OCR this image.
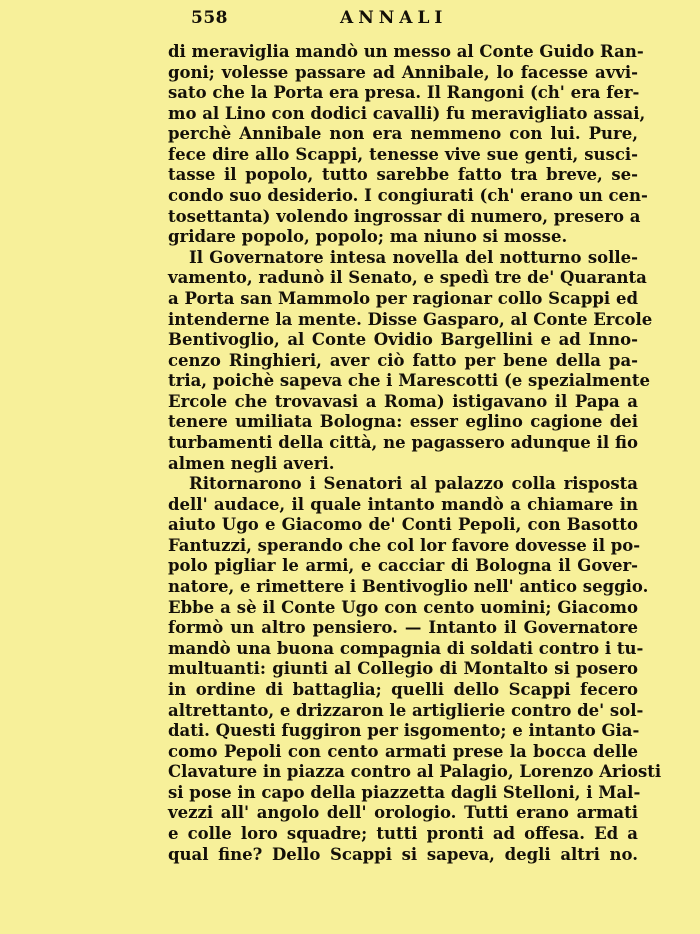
558	ANNALI
di meraviglia mandò un messo al Conte Guido Ran-
goni; volesse passare ad Annibale, lo facesse avvi-
sato che la Porta era presa. Il Rangoni (ch' era fer-
mo al Lino con dodici cavalli) fu meravigliato assai,
perchè Annibale non era nemmeno con lui. Pure,
fece dire allo Scappi, tenesse vive sue genti, susci-
tasse il popolo, tutto sarebbe fatto tra breve, se-
condo suo desiderio. I congiurati (ch' erano un cen-
tosettanta) volendo ingrossar di numero, presero a
gridare popolo, popolo; ma niuno si mosse.
Il Governatore intesa novella del notturno solle-
vamento, radunò il Senato, e spedì tre de' Quaranta
a Porta san Mammolo per ragionar collo Scappi ed
intenderne la mente. Disse Gasparo, al Conte Ercole
Bentivoglio, al Conte Ovidio Bargellini e ad Inno-
cenzo Ringhieri, aver ciò fatto per bene della pa-
tria, poichè sapeva che i Marescotti (e spezialmente
Ercole che trovavasi a Roma) istigavano il Papa a
tenere umiliata Bologna: esser eglino cagione dei
turbamenti della città, ne pagassero adunque il fio
almen negli averi.
Ritornarono i Senatori al palazzo colla risposta
dell' audace, il quale intanto mandò a chiamare in
aiuto Ugo e Giacomo de' Conti Pepoli, con Basotto
Fantuzzi, sperando che col lor favore dovesse il po-
polo pigliar le armi, e cacciar di Bologna il Gover-
natore, e rimettere i Bentivoglio nell' antico seggio.
Ebbe a sè il Conte Ugo con cento uomini; Giacomo
formò un altro pensiero. — Intanto il Governatore
mandò una buona compagnia di soldati contro i tu-
multuanti: giunti al Collegio di Montalto si posero
in ordine di battaglia; quelli dello Scappi fecero
altrettanto, e drizzaron le artiglierie contro de' sol-
dati. Questi fuggiron per isgomento; e intanto Gia-
como Pepoli con cento armati prese la bocca delle
Clavature in piazza contro al Palagio, Lorenzo Ariosti
si pose in capo della piazzetta dagli Stelloni, i Mal-
vezzi all' angolo dell' orologio. Tutti erano armati
e colle loro squadre; tutti pronti ad offesa. Ed a
qual fine? Dello Scappi si sapeva, degli altri no.
